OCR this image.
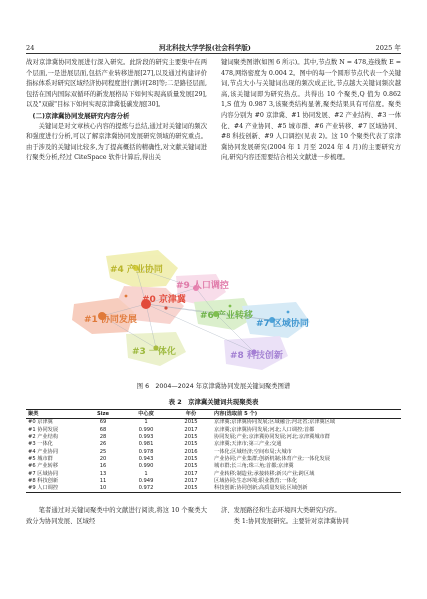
24	河北科技大学学报(社会科学版)	2025 年

战对京津冀协同发展进行深入研究。此阶段的研究主要集中在两个层面,一是进展层面,包括产业转移进展[27],以及通过构建评价指标体系对研究区域经济协同程度进行测评[28]等;二是路径层面,包括在国内国际双循环的新发展格局下如何实现高质量发展[29],以及"双碳"目标下如何实现京津冀低碳发展[30]。

(二)京津冀协同发展研究内容分析

关键词是对文章核心内容的提炼与总结,通过对关键词的频次和强度进行分析,可以了解京津冀协同发展研究领域的研究重点。由于涉及的关键词比较多,为了提高概括的精确性,对文献关键词进行聚类分析,经过 CiteSpace 软件计算后,得出关

键词聚类图谱(如图 6 所示)。其中,节点数 N = 478,连线数 E = 478,网络密度为 0.004 2。图中的每一个圆形节点代表一个关键词,节点大小与关键词出现的频次成正比,节点越大关键词频次越高,该关键词即为研究热点。共得出 10 个聚类,Q 值为 0.862 1,S 值为 0.987 3,该聚类结构显著,聚类结果具有可信度。聚类内容分别为 #0 京津冀、#1 协同发展、#2 产业结构、#3 一体化、#4 产业协同、#5 城市群、#6 产业转移、#7 区域协同、#8 科技创新、#9 人口调控(见表 2)。这 10 个聚类代表了京津冀协同发展研究(2004 年 1 月至 2024 年 4 月)的主要研究方向,研究内容还需要结合相关文献进一步梳理。

#4 产业协同
#9 人口调控
#0 京津冀
#1 协同发展	#6 产业转移
#7 区域协同
#3 一体化	#8 科技创新
图 6　2004—2024 年京津冀协同发展关键词聚类图谱
表 2　京津冀关键词共现聚类表
聚类	Size	中心度	年份	内容(选取前 5 个)
#0 京津冀	69	1	2015	京津冀;京津冀协同发展;区域融合;河北省;京津冀区域
#1 协同发展	68	0.990	2017	京津冀;京津冀协同发展;河北;人口调控;首都
#2 产业结构	28	0.993	2015	协同发展;产业;京津冀协同发展;河北;京津冀城市群
#3 一体化	26	0.981	2015	京津冀;天津市;第三产业;交通
#4 产业协同	25	0.978	2016	一体化;区域经济;空间布局;大城市
#5 城市群	20	0.943	2015	产业协同;产业集群;创新机制;体育产业;一体化发展
#6 产业转移	16	0.990	2015	城市群;长三角;珠三角;首都;京津冀
#7 区域协同	13	1	2017	产业转移;制造业;承接转移;新兴产业;跨区域
#8 科技创新	11	0.949	2017	区域协同;生态环境;职业教育;一体化
#9 人口调控	10	0.972	2015	科技创新;协同创新;高质量发展;区域创新

笔者通过对关键词聚类中的文献进行阅读,将这 10 个聚类大致分为协同发展、区域经

济、发展路径和生态环境四大类研究内容。

类 1:协同发展研究。主要针对京津冀协同
